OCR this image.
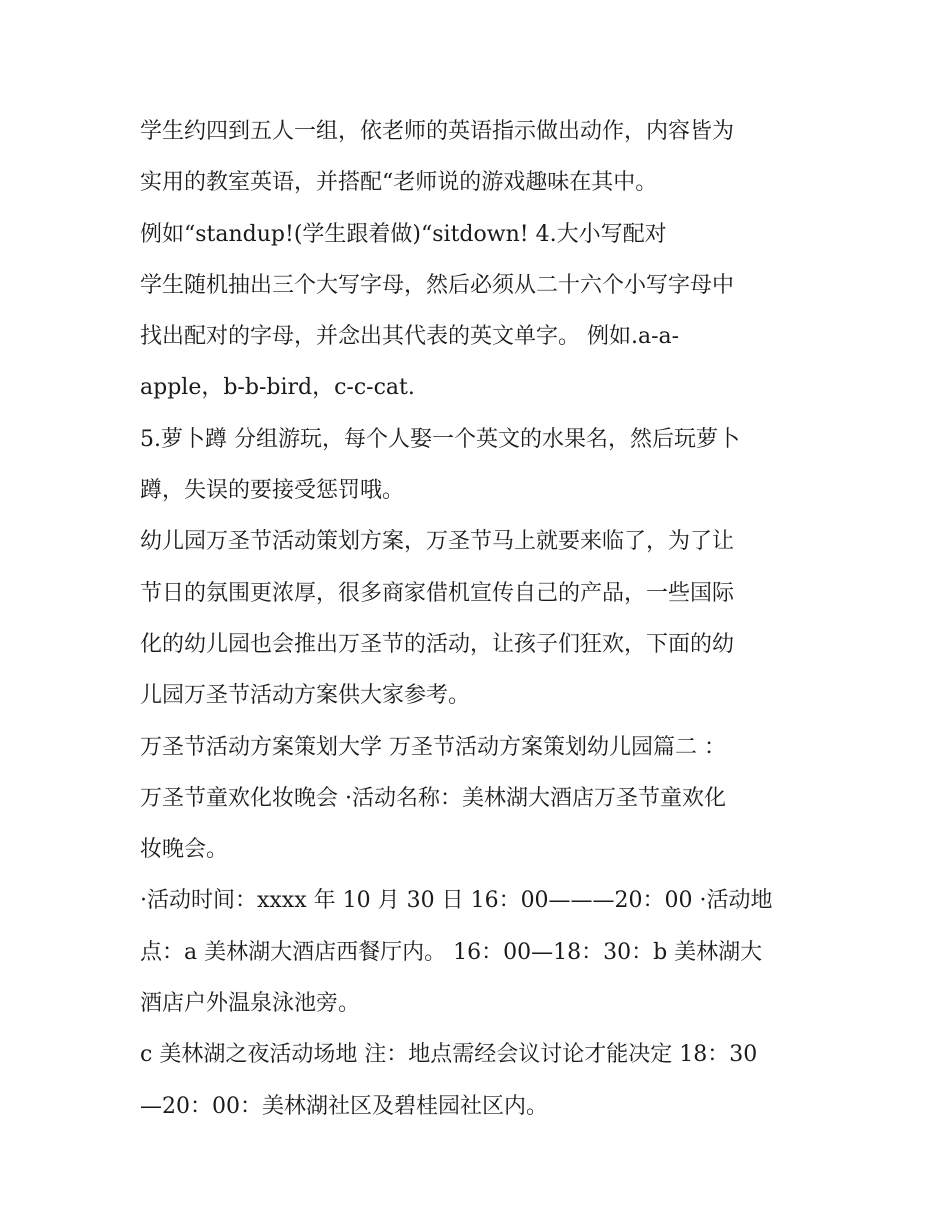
学生约四到五人一组，依老师的英语指示做出动作，内容皆为
实用的教室英语，并搭配“老师说的游戏趣味在其中。
例如“standup!(学生跟着做)“sitdown! 4.大小写配对
学生随机抽出三个大写字母，然后必须从二十六个小写字母中
找出配对的字母，并念出其代表的英文单字。 例如.a-a-
apple，b-b-bird，c-c-cat.
5.萝卜蹲 分组游玩，每个人娶一个英文的水果名，然后玩萝卜
蹲，失误的要接受惩罚哦。
幼儿园万圣节活动策划方案，万圣节马上就要来临了，为了让
节日的氛围更浓厚，很多商家借机宣传自己的产品，一些国际
化的幼儿园也会推出万圣节的活动，让孩子们狂欢，下面的幼
儿园万圣节活动方案供大家参考。
万圣节活动方案策划大学 万圣节活动方案策划幼儿园篇二 ：
万圣节童欢化妆晚会 ·活动名称：美林湖大酒店万圣节童欢化
妆晚会。
·活动时间：xxxx 年 10 月 30 日 16：00———20：00 ·活动地
点：a 美林湖大酒店西餐厅内。 16：00—18：30：b 美林湖大
酒店户外温泉泳池旁。
c 美林湖之夜活动场地 注：地点需经会议讨论才能决定 18：30
—20：00：美林湖社区及碧桂园社区内。
